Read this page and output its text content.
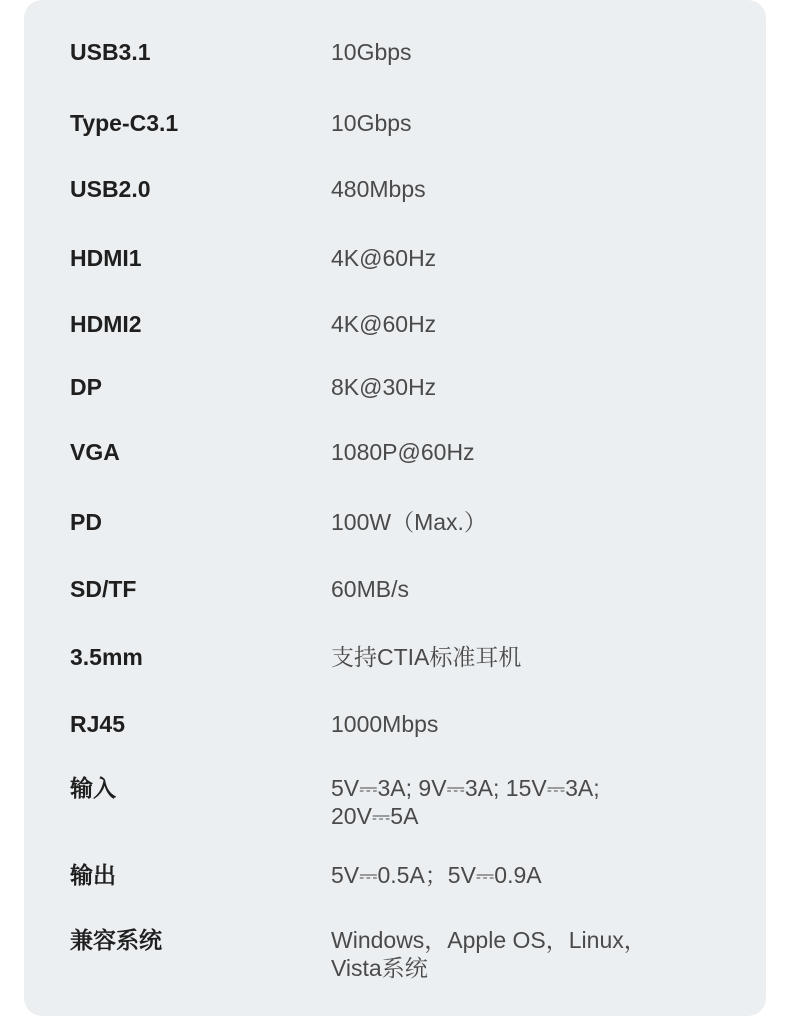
USB3.1	10Gbps
Type-C3.1	10Gbps
USB2.0	480Mbps
HDMI1	4K@60Hz
HDMI2	4K@60Hz
DP	8K@30Hz
VGA	1080P@60Hz
PD	100W（Max.）
SD/TF	60MB/s
3.5mm	支持CTIA标准耳机
RJ45	1000Mbps
输入	5V⎓3A; 9V⎓3A; 15V⎓3A;
20V⎓5A
输出	5V⎓0.5A；5V⎓0.9A
兼容系统	Windows，Apple OS，Linux，
Vista系统
